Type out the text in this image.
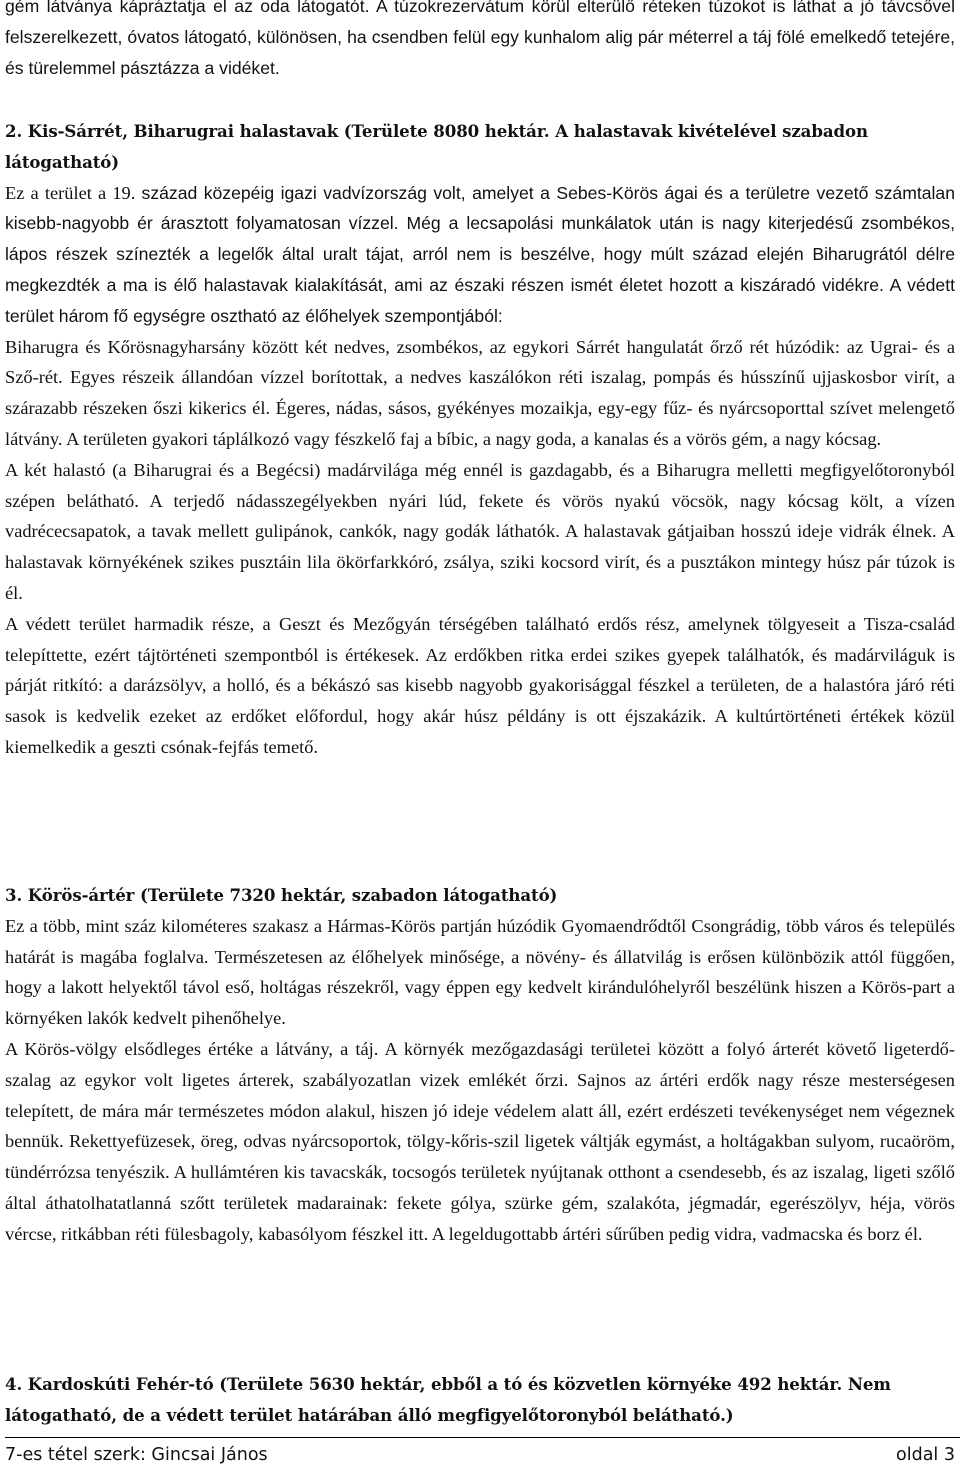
gém látványa kápráztatja el az oda látogatót. A túzokrezervátum körül elterülő réteken túzokot is láthat a jó távcsővel felszerelkezett, óvatos látogató, különösen, ha csendben felül egy kunhalom alig pár méterrel a táj fölé emelkedő tetejére, és türelemmel pásztázza a vidéket.

2. Kis-Sárrét, Biharugrai halastavak (Területe 8080 hektár. A halastavak kivételével szabadon látogatható)

Ez a terület a 19. század közepéig igazi vadvízország volt, amelyet a Sebes-Körös ágai és a területre vezető számtalan kisebb-nagyobb ér árasztott folyamatosan vízzel. Még a lecsapolási munkálatok után is nagy kiterjedésű zsombékos, lápos részek színezték a legelők által uralt tájat, arról nem is beszélve, hogy múlt század elején Biharugrától délre megkezdték a ma is élő halastavak kialakítását, ami az északi részen ismét életet hozott a kiszáradó vidékre. A védett terület három fő egységre osztható az élőhelyek szempontjából:

Biharugra és Kőrösnagyharsány között két nedves, zsombékos, az egykori Sárrét hangulatát őrző rét húzódik: az Ugrai- és a Sző-rét. Egyes részeik állandóan vízzel borítottak, a nedves kaszálókon réti iszalag, pompás és hússzínű ujjaskosbor virít, a szárazabb részeken őszi kikerics él. Égeres, nádas, sásos, gyékényes mozaikja, egy-egy fűz- és nyárcsoporttal szívet melengető látvány. A területen gyakori táplálkozó vagy fészkelő faj a bíbic, a nagy goda, a kanalas és a vörös gém, a nagy kócsag.

A két halastó (a Biharugrai és a Begécsi) madárvilága még ennél is gazdagabb, és a Biharugra melletti megfigyelőtoronyból szépen belátható. A terjedő nádasszegélyekben nyári lúd, fekete és vörös nyakú vöcsök, nagy kócsag költ, a vízen vadrécecsapatok, a tavak mellett gulipánok, cankók, nagy godák láthatók. A halastavak gátjaiban hosszú ideje vidrák élnek. A halastavak környékének szikes pusztáin lila ökörfarkkóró, zsálya, sziki kocsord virít, és a pusztákon mintegy húsz pár túzok is él.

A védett terület harmadik része, a Geszt és Mezőgyán térségében található erdős rész, amelynek tölgyeseit a Tisza-család telepíttette, ezért tájtörténeti szempontból is értékesek. Az erdőkben ritka erdei szikes gyepek találhatók, és madárviláguk is párját ritkító: a darázsölyv, a holló, és a békászó sas kisebb nagyobb gyakorisággal fészkel a területen, de a halastóra járó réti sasok is kedvelik ezeket az erdőket előfordul, hogy akár húsz példány is ott éjszakázik. A kultúrtörténeti értékek közül kiemelkedik a geszti csónak-fejfás temető.

3. Körös-ártér (Területe 7320 hektár, szabadon látogatható)

Ez a több, mint száz kilométeres szakasz a Hármas-Körös partján húzódik Gyomaendrődtől Csongrádig, több város és település határát is magába foglalva. Természetesen az élőhelyek minősége, a növény- és állatvilág is erősen különbözik attól függően, hogy a lakott helyektől távol eső, holtágas részekről, vagy éppen egy kedvelt kirándulóhelyről beszélünk hiszen a Körös-part a környéken lakók kedvelt pihenőhelye.

A Körös-völgy elsődleges értéke a látvány, a táj. A környék mezőgazdasági területei között a folyó árterét követő ligeterdő-szalag az egykor volt ligetes árterek, szabályozatlan vizek emlékét őrzi. Sajnos az ártéri erdők nagy része mesterségesen telepített, de mára már természetes módon alakul, hiszen jó ideje védelem alatt áll, ezért erdészeti tevékenységet nem végeznek bennük. Rekettyefüzesek, öreg, odvas nyárcsoportok, tölgy-kőris-szil ligetek váltják egymást, a holtágakban sulyom, rucaöröm, tündérrózsa tenyészik. A hullámtéren kis tavacskák, tocsogós területek nyújtanak otthont a csendesebb, és az iszalag, ligeti szőlő által áthatolhatatlanná szőtt területek madarainak: fekete gólya, szürke gém, szalakóta, jégmadár, egerészölyv, héja, vörös vércse, ritkábban réti fülesbagoly, kabasólyom fészkel itt. A legeldugottabb ártéri sűrűben pedig vidra, vadmacska és borz él.

4. Kardoskúti Fehér-tó (Területe 5630 hektár, ebből a tó és közvetlen környéke 492 hektár. Nem látogatható, de a védett terület határában álló megfigyelőtoronyból belátható.)

7-es tétel szerk: Gincsai János	oldal 3
